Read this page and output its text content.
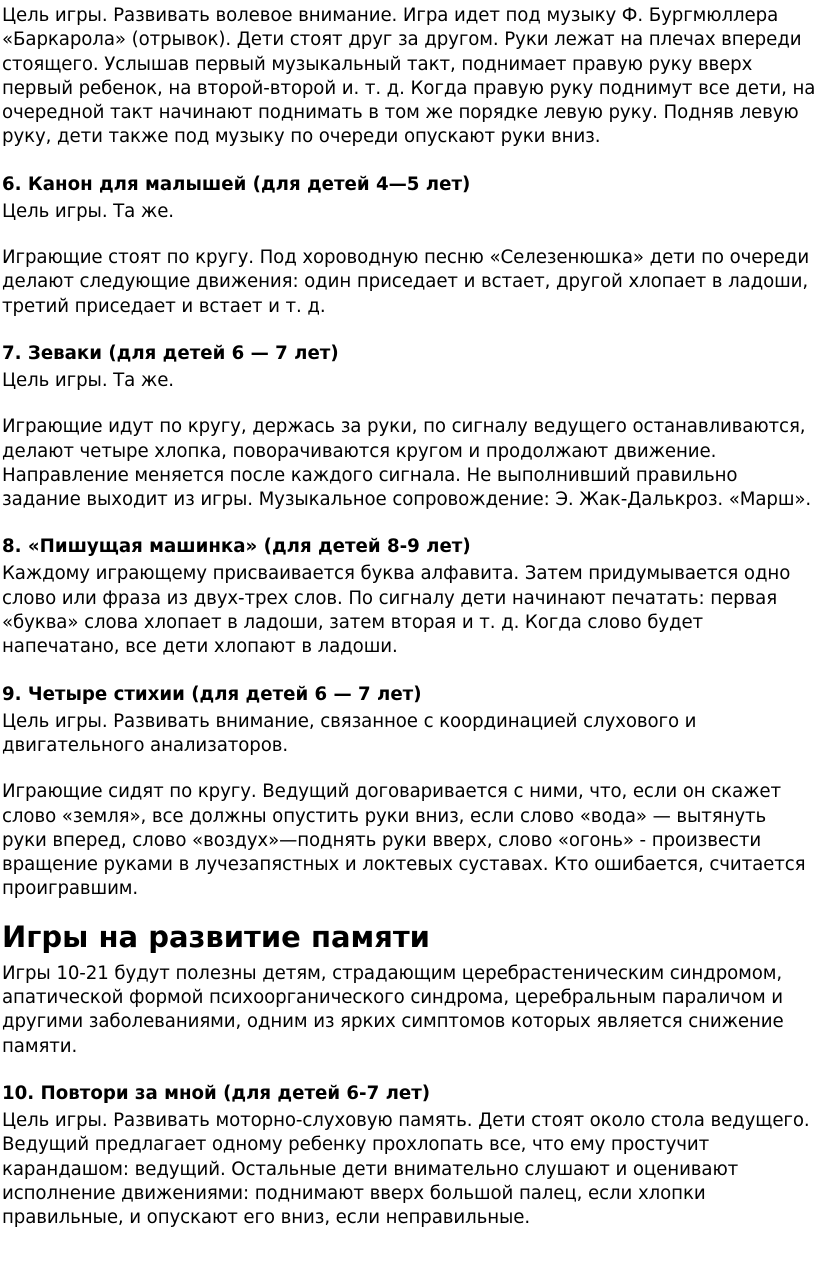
Цель игры. Развивать волевое внимание. Игра идет под музыку Ф. Бургмюллера «Баркарола» (отрывок). Дети стоят друг за другом. Руки лежат на плечах впереди стоящего. Услышав первый музыкальный такт, поднимает правую руку вверх первый ребенок, на второй-второй и. т. д. Когда правую руку поднимут все дети, на очередной такт начинают поднимать в том же порядке левую руку. Подняв левую руку, дети также под музыку по очереди опускают руки вниз.

6. Канон для малышей (для детей 4—5 лет)

Цель игры. Та же.

Играющие стоят по кругу. Под хороводную песню «Селезенюшка» дети по очереди делают следующие движения: один приседает и встает, другой хлопает в ладоши, третий приседает и встает и т. д.

7. Зеваки (для детей 6 — 7 лет)

Цель игры. Та же.

Играющие идут по кругу, держась за руки, по сигналу ведущего останавливаются, делают четыре хлопка, поворачиваются кругом и продолжают движение. Направление меняется после каждого сигнала. Не выполнивший правильно задание выходит из игры. Музыкальное сопровождение: Э. Жак-Далькроз. «Марш».

8. «Пишущая машинка» (для детей 8-9 лет)

Каждому играющему присваивается буква алфавита. Затем придумывается одно слово или фраза из двух-трех слов. По сигналу дети начинают печатать: первая «буква» слова хлопает в ладоши, затем вторая и т. д. Когда слово будет напечатано, все дети хлопают в ладоши.

9. Четыре стихии (для детей 6 — 7 лет)

Цель игры. Развивать внимание, связанное с координацией слухового и двигательного анализаторов.

Играющие сидят по кругу. Ведущий договаривается с ними, что, если он скажет слово «земля», все должны опустить руки вниз, если слово «вода» — вытянуть руки вперед, слово «воздух»—поднять руки вверх, слово «огонь» - произвести вращение руками в лучезапястных и локтевых суставах. Кто ошибается, считается проигравшим.

Игры на развитие памяти

Игры 10-21 будут полезны детям, страдающим церебрастеническим синдромом, апатической формой психоорганического синдрома, церебральным параличом и другими заболеваниями, одним из ярких симптомов которых является снижение памяти.

10. Повтори за мной (для детей 6-7 лет)

Цель игры. Развивать моторно-слуховую память. Дети стоят около стола ведущего. Ведущий предлагает одному ребенку прохлопать все, что ему простучит карандашом: ведущий. Остальные дети внимательно слушают и оценивают исполнение движениями: поднимают вверх большой палец, если хлопки правильные, и опускают его вниз, если неправильные.
